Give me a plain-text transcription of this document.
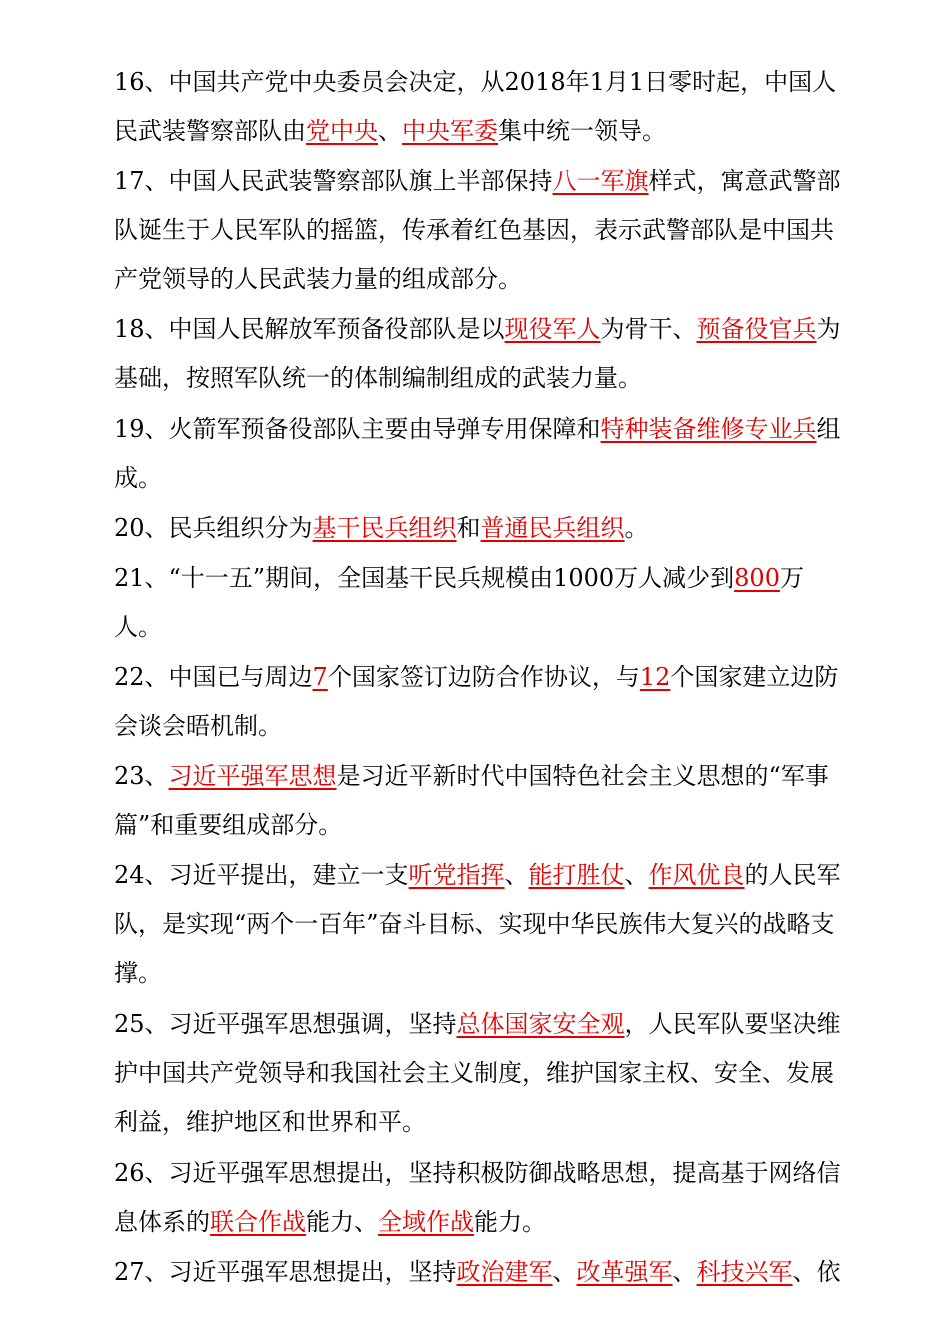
16、中国共产党中央委员会决定，从2018年1月1日零时起，中国人民武装警察部队由党中央、中央军委集中统一领导。
17、中国人民武装警察部队旗上半部保持八一军旗样式，寓意武警部队诞生于人民军队的摇篮，传承着红色基因，表示武警部队是中国共产党领导的人民武装力量的组成部分。
18、中国人民解放军预备役部队是以现役军人为骨干、预备役官兵为基础，按照军队统一的体制编制组成的武装力量。
19、火箭军预备役部队主要由导弹专用保障和特种装备维修专业兵组成。
20、民兵组织分为基干民兵组织和普通民兵组织。
21、“十一五”期间，全国基干民兵规模由1000万人减少到800万人。
22、中国已与周边7个国家签订边防合作协议，与12个国家建立边防会谈会晤机制。
23、习近平强军思想是习近平新时代中国特色社会主义思想的“军事篇”和重要组成部分。
24、习近平提出，建立一支听党指挥、能打胜仗、作风优良的人民军队，是实现“两个一百年”奋斗目标、实现中华民族伟大复兴的战略支撑。
25、习近平强军思想强调，坚持总体国家安全观，人民军队要坚决维护中国共产党领导和我国社会主义制度，维护国家主权、安全、发展利益，维护地区和世界和平。
26、习近平强军思想提出，坚持积极防御战略思想，提高基于网络信息体系的联合作战能力、全域作战能力。
27、习近平强军思想提出，坚持政治建军、改革强军、科技兴军、依
